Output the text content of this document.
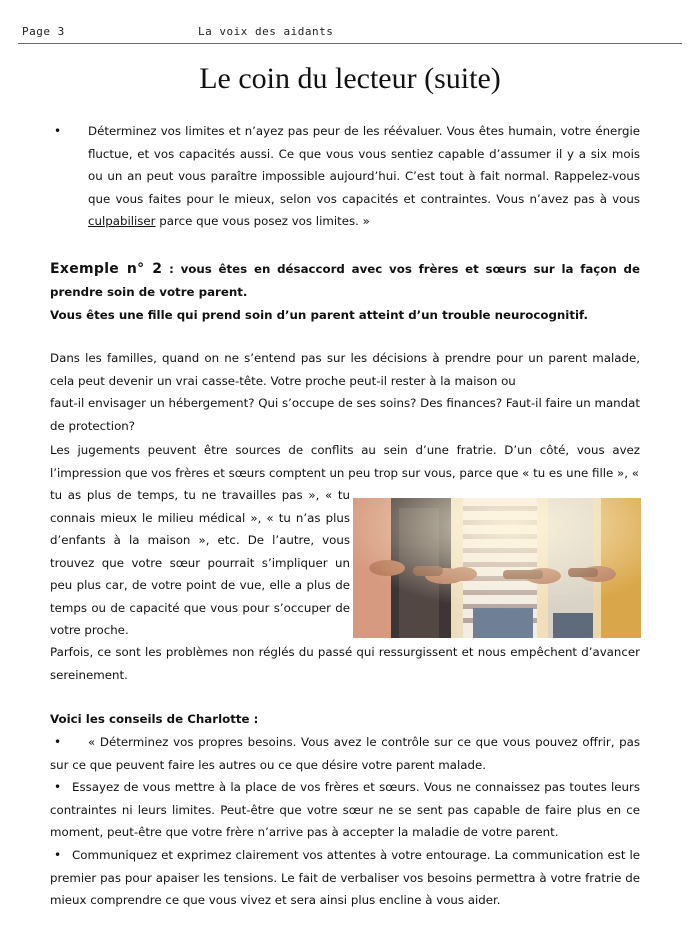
Page 3	La voix des aidants
Le coin du lecteur (suite)
• Déterminez vos limites et n’ayez pas peur de les réévaluer. Vous êtes humain, votre énergie fluctue, et vos capacités aussi. Ce que vous vous sentiez capable d’assumer il y a six mois ou un an peut vous paraître impossible aujourd’hui. C’est tout à fait normal. Rappelez-vous que vous faites pour le mieux, selon vos capacités et contraintes. Vous n’avez pas à vous culpabiliser parce que vous posez vos limites. »
Exemple n° 2 : vous êtes en désaccord avec vos frères et sœurs sur la façon de prendre soin de votre parent.
Vous êtes une fille qui prend soin d’un parent atteint d’un trouble neurocognitif.
Dans les familles, quand on ne s’entend pas sur les décisions à prendre pour un parent malade, cela peut devenir un vrai casse-tête. Votre proche peut-il rester à la maison ou
faut-il envisager un hébergement? Qui s’occupe de ses soins? Des finances? Faut-il faire un mandat de protection?
Les jugements peuvent être sources de conflits au sein d’une fratrie. D’un côté, vous avez l’impression que vos frères et sœurs comptent un peu trop sur vous, parce que « tu es une fille », «
tu as plus de temps, tu ne travailles pas », « tu connais mieux le milieu médical », « tu n’as plus d’enfants à la maison », etc. De l’autre, vous trouvez que votre sœur pourrait s’impliquer un peu plus car, de votre point de vue, elle a plus de temps ou de capacité que vous pour s’occuper de votre proche.
Parfois, ce sont les problèmes non réglés du passé qui ressurgissent et nous empêchent d’avancer sereinement.
Voici les conseils de Charlotte :
•	« Déterminez vos propres besoins. Vous avez le contrôle sur ce que vous pouvez offrir, pas sur ce que peuvent faire les autres ou ce que désire votre parent malade.
• Essayez de vous mettre à la place de vos frères et sœurs. Vous ne connaissez pas toutes leurs contraintes ni leurs limites. Peut-être que votre sœur ne se sent pas capable de faire plus en ce moment, peut-être que votre frère n’arrive pas à accepter la maladie de votre parent.
• Communiquez et exprimez clairement vos attentes à votre entourage. La communication est le premier pas pour apaiser les tensions. Le fait de verbaliser vos besoins permettra à votre fratrie de mieux comprendre ce que vous vivez et sera ainsi plus encline à vous aider.
